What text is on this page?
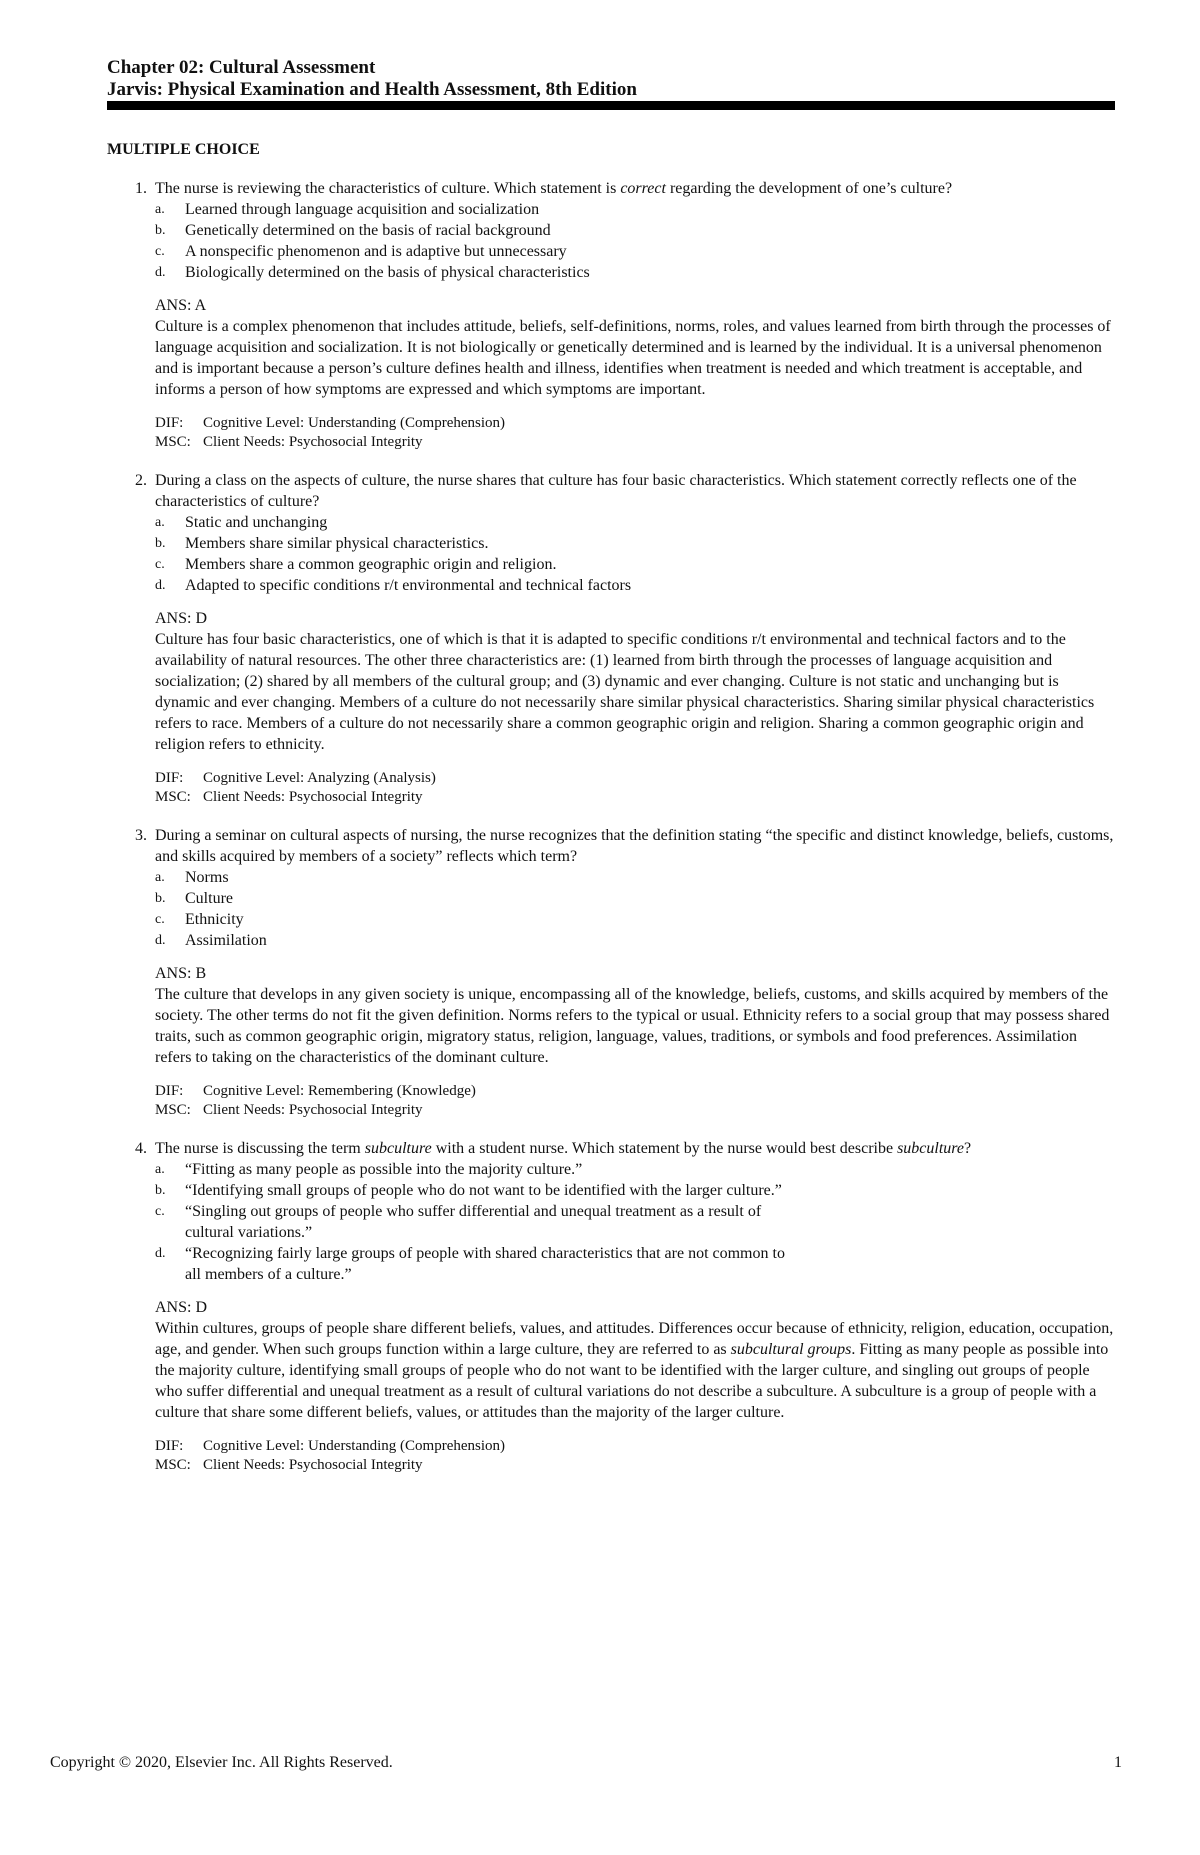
Chapter 02: Cultural Assessment
Jarvis: Physical Examination and Health Assessment, 8th Edition
MULTIPLE CHOICE
1. The nurse is reviewing the characteristics of culture. Which statement is correct regarding the development of one’s culture?
a.	Learned through language acquisition and socialization
b.	Genetically determined on the basis of racial background
c.	A nonspecific phenomenon and is adaptive but unnecessary
d.	Biologically determined on the basis of physical characteristics
ANS: A
Culture is a complex phenomenon that includes attitude, beliefs, self-definitions, norms, roles, and values learned from birth through the processes of language acquisition and socialization. It is not biologically or genetically determined and is learned by the individual. It is a universal phenomenon and is important because a person’s culture defines health and illness, identifies when treatment is needed and which treatment is acceptable, and informs a person of how symptoms are expressed and which symptoms are important.
DIF: Cognitive Level: Understanding (Comprehension)
MSC: Client Needs: Psychosocial Integrity
2. During a class on the aspects of culture, the nurse shares that culture has four basic characteristics. Which statement correctly reflects one of the characteristics of culture?
a.	Static and unchanging
b.	Members share similar physical characteristics.
c.	Members share a common geographic origin and religion.
d.	Adapted to specific conditions r/t environmental and technical factors
ANS: D
Culture has four basic characteristics, one of which is that it is adapted to specific conditions r/t environmental and technical factors and to the availability of natural resources. The other three characteristics are: (1) learned from birth through the processes of language acquisition and socialization; (2) shared by all members of the cultural group; and (3) dynamic and ever changing. Culture is not static and unchanging but is dynamic and ever changing. Members of a culture do not necessarily share similar physical characteristics. Sharing similar physical characteristics refers to race. Members of a culture do not necessarily share a common geographic origin and religion. Sharing a common geographic origin and religion refers to ethnicity.
DIF: Cognitive Level: Analyzing (Analysis)
MSC: Client Needs: Psychosocial Integrity
3. During a seminar on cultural aspects of nursing, the nurse recognizes that the definition stating “the specific and distinct knowledge, beliefs, customs, and skills acquired by members of a society” reflects which term?
a.	Norms
b.	Culture
c.	Ethnicity
d.	Assimilation
ANS: B
The culture that develops in any given society is unique, encompassing all of the knowledge, beliefs, customs, and skills acquired by members of the society. The other terms do not fit the given definition. Norms refers to the typical or usual. Ethnicity refers to a social group that may possess shared traits, such as common geographic origin, migratory status, religion, language, values, traditions, or symbols and food preferences. Assimilation refers to taking on the characteristics of the dominant culture.
DIF: Cognitive Level: Remembering (Knowledge)
MSC: Client Needs: Psychosocial Integrity
4. The nurse is discussing the term subculture with a student nurse. Which statement by the nurse would best describe subculture?
a.	“Fitting as many people as possible into the majority culture.”
b.	“Identifying small groups of people who do not want to be identified with the larger culture.”
c.	“Singling out groups of people who suffer differential and unequal treatment as a result of cultural variations.”
d.	“Recognizing fairly large groups of people with shared characteristics that are not common to all members of a culture.”
ANS: D
Within cultures, groups of people share different beliefs, values, and attitudes. Differences occur because of ethnicity, religion, education, occupation, age, and gender. When such groups function within a large culture, they are referred to as subcultural groups. Fitting as many people as possible into the majority culture, identifying small groups of people who do not want to be identified with the larger culture, and singling out groups of people who suffer differential and unequal treatment as a result of cultural variations do not describe a subculture. A subculture is a group of people with a culture that share some different beliefs, values, or attitudes than the majority of the larger culture.
DIF: Cognitive Level: Understanding (Comprehension)
MSC: Client Needs: Psychosocial Integrity
Copyright © 2020, Elsevier Inc. All Rights Reserved.	1
